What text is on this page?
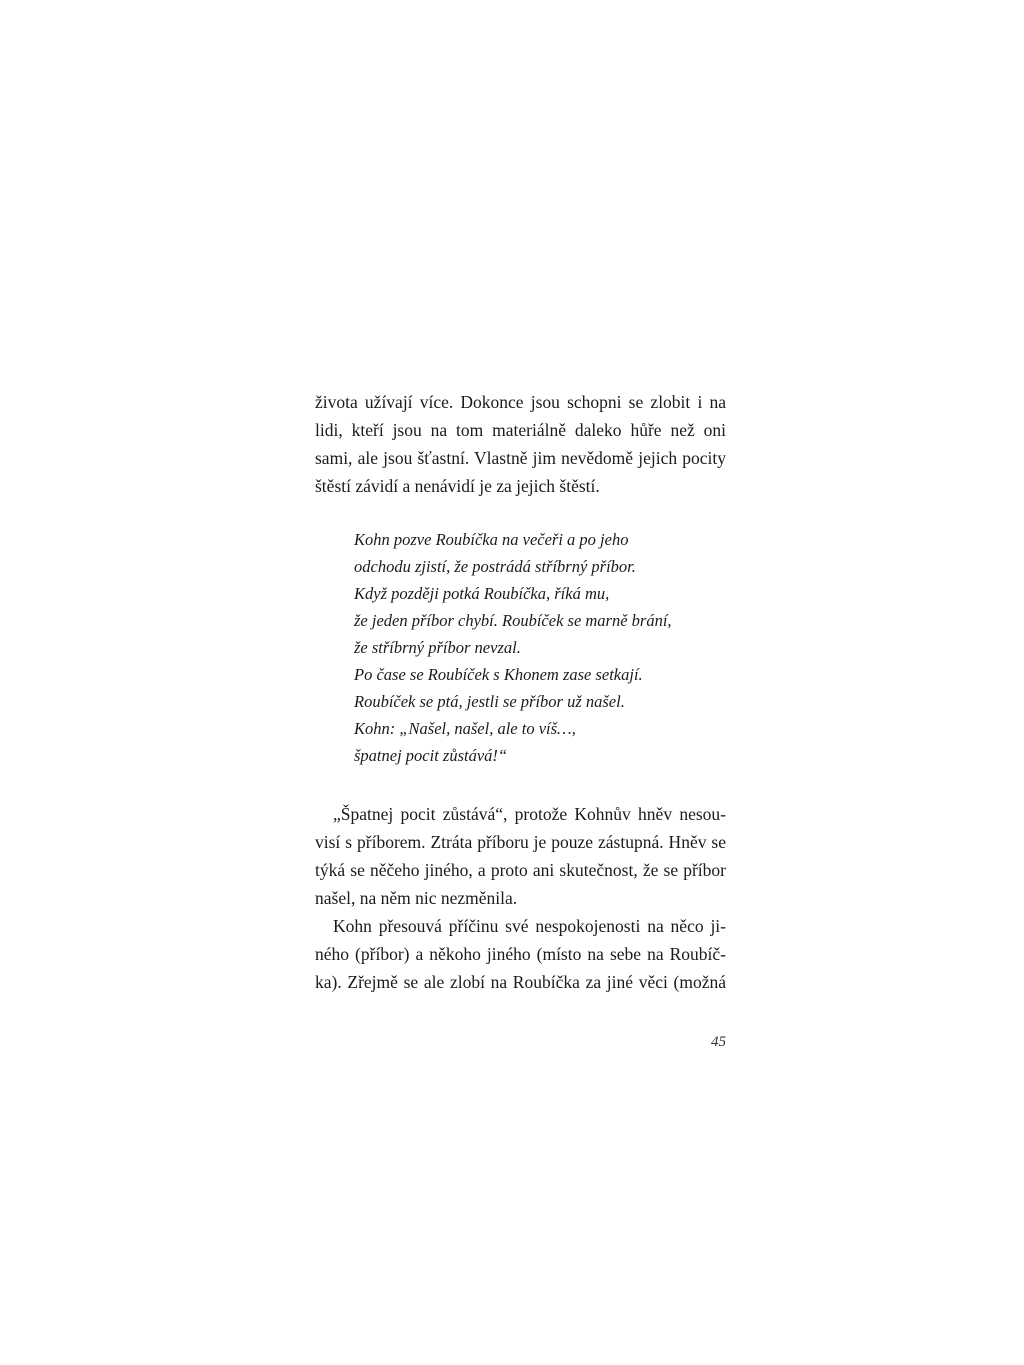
života užívají více. Dokonce jsou schopni se zlobit i na
lidi, kteří jsou na tom materiálně daleko hůře než oni
sami, ale jsou šťastní. Vlastně jim nevědomě jejich pocity
štěstí závidí a nenávidí je za jejich štěstí.
Kohn pozve Roubíčka na večeři a po jeho
odchodu zjistí, že postrádá stříbrný příbor.
Když později potká Roubíčka, říká mu,
že jeden příbor chybí. Roubíček se marně brání,
že stříbrný příbor nevzal.
Po čase se Roubíček s Khonem zase setkají.
Roubíček se ptá, jestli se příbor už našel.
Kohn: „Našel, našel, ale to víš…,
špatnej pocit zůstává!“
„Špatnej pocit zůstává“, protože Kohnův hněv nesou-
visí s příborem. Ztráta příboru je pouze zástupná. Hněv se
týká se něčeho jiného, a proto ani skutečnost, že se příbor
našel, na něm nic nezměnila.
Kohn přesouvá příčinu své nespokojenosti na něco ji-
ného (příbor) a někoho jiného (místo na sebe na Roubíč-
ka). Zřejmě se ale zlobí na Roubíčka za jiné věci (možná
45
